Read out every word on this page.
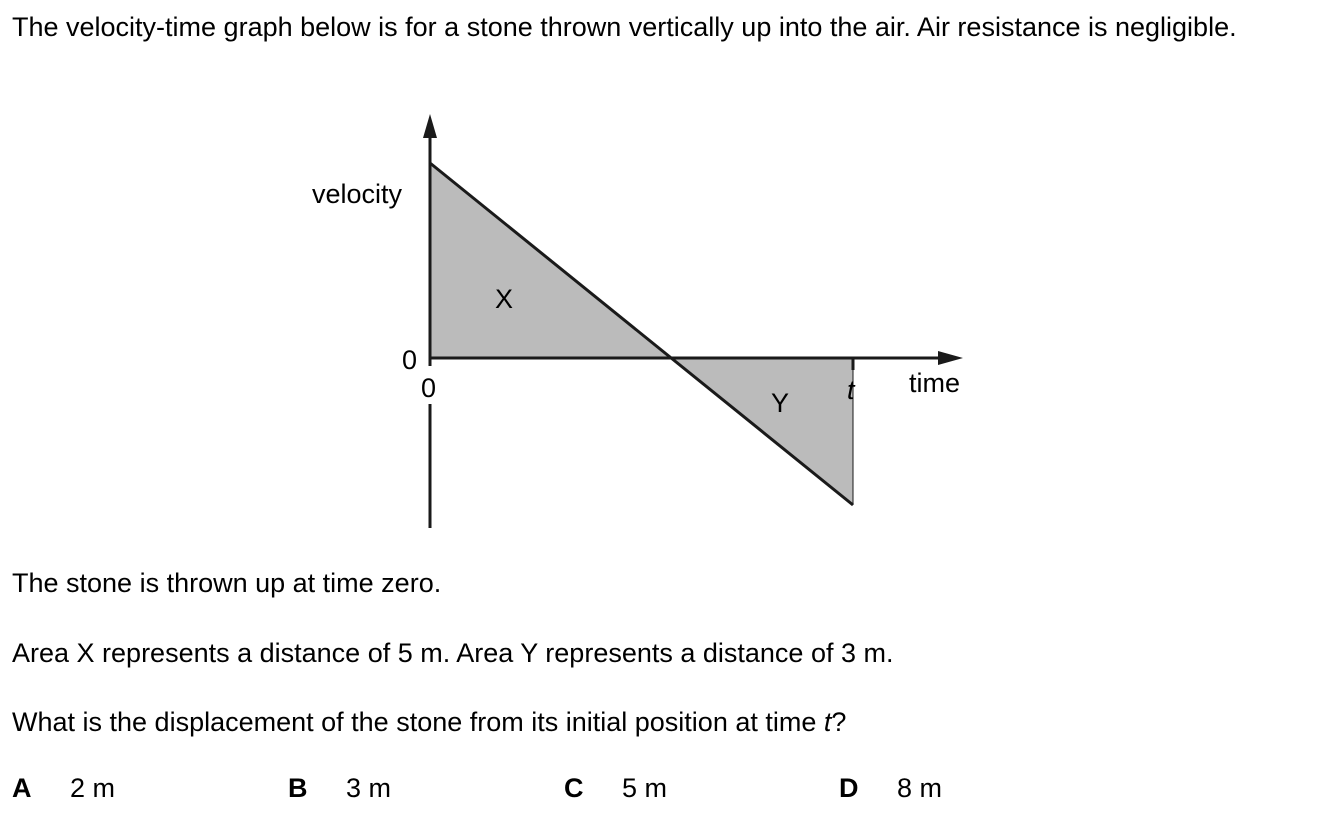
The velocity-time graph below is for a stone thrown vertically up into the air. Air resistance is negligible.

velocity
time
0
0	t
X
Y

The stone is thrown up at time zero.

Area X represents a distance of 5 m. Area Y represents a distance of 3 m.

What is the displacement of the stone from its initial position at time t?

A 2 m	B 3 m	C 5 m	D 8 m
